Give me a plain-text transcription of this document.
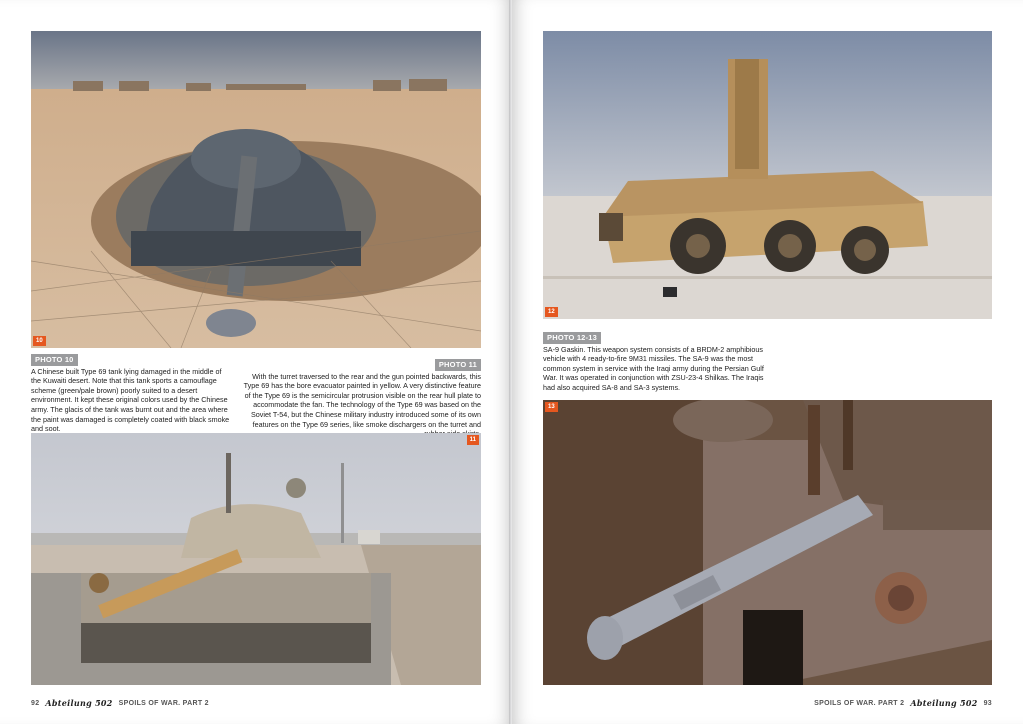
10
PHOTO 10

A Chinese built Type 69 tank lying damaged in the middle of the Kuwaiti desert. Note that this tank sports a camouflage scheme (green/pale brown) poorly suited to a desert environment. It kept these original colors used by the Chinese army. The glacis of the tank was burnt out and the area where the paint was damaged is completely coated with black smoke and soot.

PHOTO 11

With the turret traversed to the rear and the gun pointed backwards, this Type 69 has the bore evacuator painted in yellow. A very distinctive feature of the Type 69 is the semicircular protrusion visible on the rear hull plate to accommodate the fan. The technology of the Type 69 was based on the Soviet T-54, but the Chinese military industry introduced some of its own features on the Type 69 series, like smoke dischargers on the turret and

11
92 Abteilung 502 SPOILS OF WAR. PART 2
12
PHOTO 12-13

SA-9 Gaskin. This weapon system consists of a BRDM-2 amphibious vehicle with 4 ready-to-fire 9M31 missiles. The SA-9 was the most common system in service with the Iraqi army during the Persian Gulf War. It was operated in conjunction with ZSU-23-4 Shilkas. The Iraqis had also acquired SA-8 and SA-3 systems.

13
SPOILS OF WAR. PART 2 Abteilung 502 93
